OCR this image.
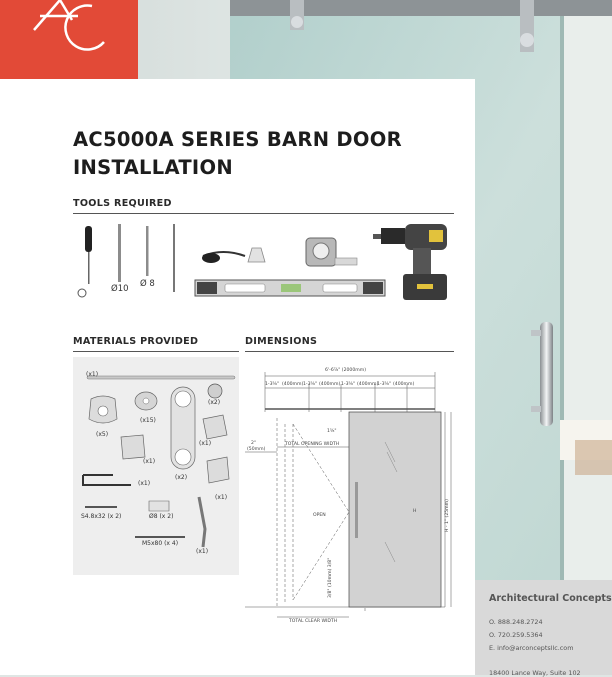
AC5000A SERIES BARN DOOR INSTALLATION
TOOLS REQUIRED
Ø10 Ø 8
MATERIALS PROVIDED
(x1)
(x5)
(x15)
(x2)
(x1)
(x1)
(x2)
(x1)
(x1)
S4.8x32 (x 2)	Ø8 (x 2)
M5x80 (x 4)
(x1)
DIMENSIONS
6'-6⅞" (2000mm)
1-3⅝" (400mm) 1-3⅝" (400mm) 1-3⅝" (400mm)
1-3⅝" (400mm)
1⅝"
2"
(50mm)
TOTAL OPENING WIDTH
OPEN
H	H - 1" (25mm)
3/8" (10mm) 3/8"
TOTAL CLEAR WIDTH
Architectural Concepts
O. 888.248.2724
O. 720.259.5364
E. info@arconceptsllc.com
18400 Lance Way, Suite 102
